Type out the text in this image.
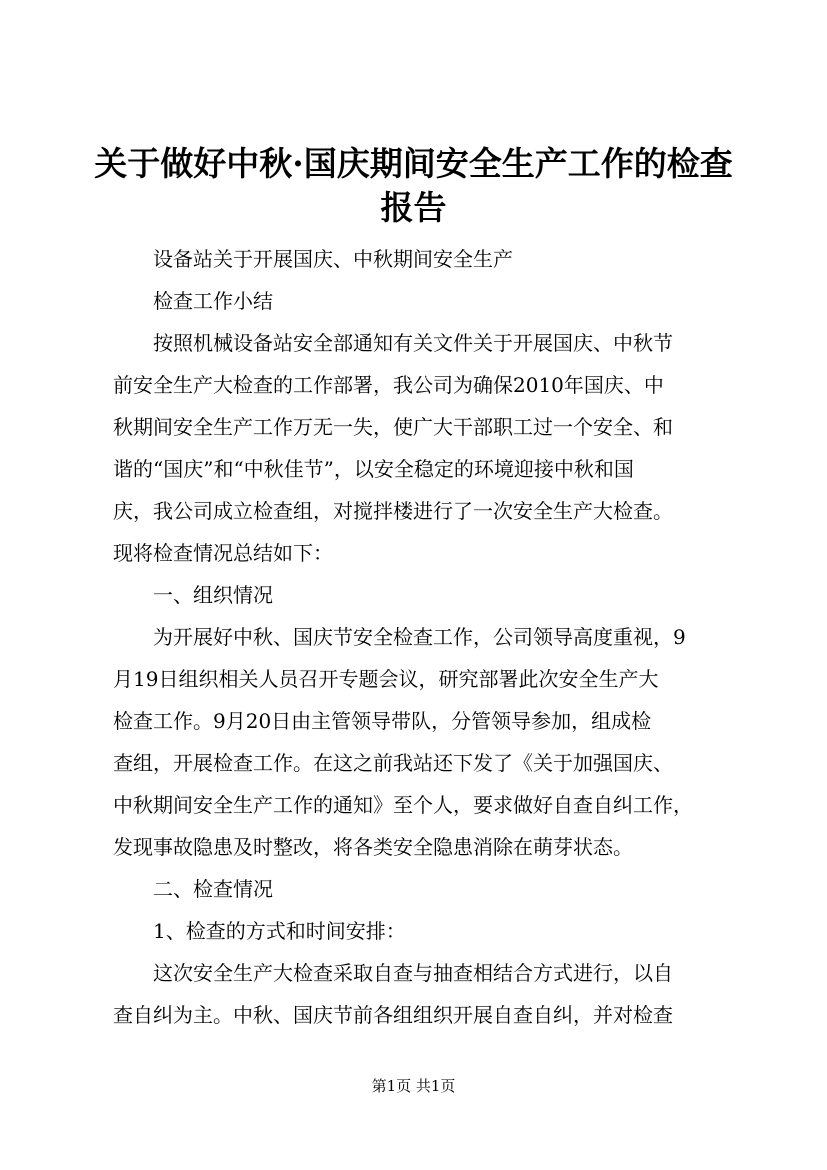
关于做好中秋·国庆期间安全生产工作的检查
报告

设备站关于开展国庆、中秋期间安全生产

检查工作小结

按照机械设备站安全部通知有关文件关于开展国庆、中秋节
前安全生产大检查的工作部署，我公司为确保2010年国庆、中
秋期间安全生产工作万无一失，使广大干部职工过一个安全、和
谐的“国庆”和“中秋佳节”，以安全稳定的环境迎接中秋和国
庆，我公司成立检查组，对搅拌楼进行了一次安全生产大检查。
现将检查情况总结如下：

一、组织情况

为开展好中秋、国庆节安全检查工作，公司领导高度重视，9
月19日组织相关人员召开专题会议，研究部署此次安全生产大
检查工作。9月20日由主管领导带队，分管领导参加，组成检
查组，开展检查工作。在这之前我站还下发了《关于加强国庆、
中秋期间安全生产工作的通知》至个人，要求做好自查自纠工作，
发现事故隐患及时整改，将各类安全隐患消除在萌芽状态。

二、检查情况

1、检查的方式和时间安排：

这次安全生产大检查采取自查与抽查相结合方式进行，以自
查自纠为主。中秋、国庆节前各组组织开展自查自纠，并对检查

第1页 共1页
